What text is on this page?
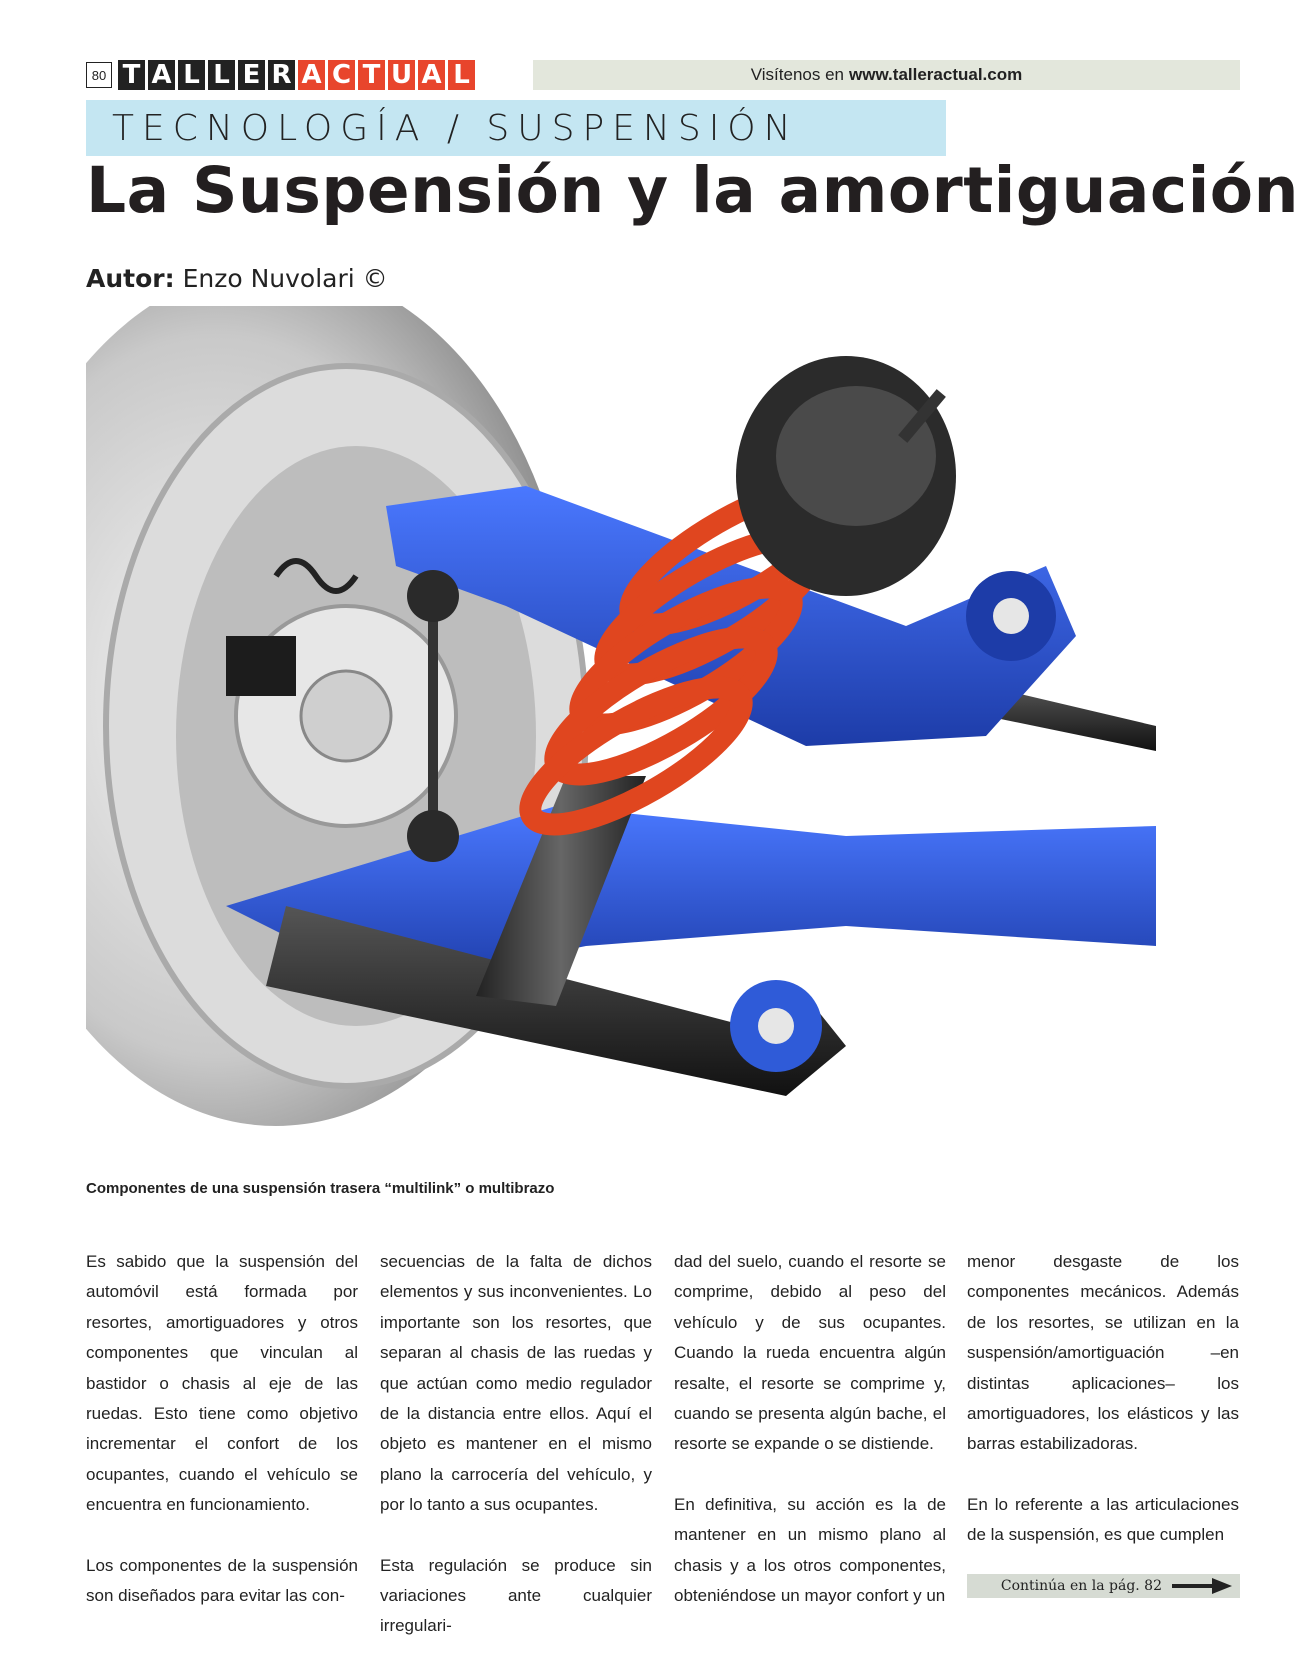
80 T A L L E R A C T U A L	Visítenos en www.talleractual.com
TECNOLOGÍA / SUSPENSIÓN
La Suspensión y la amortiguación
Autor: Enzo Nuvolari ©
Componentes de una suspensión trasera “multilink” o multibrazo

Es sabido que la suspensión del automóvil está formada por resortes, amortiguadores y otros componentes que vinculan al bastidor o chasis al eje de las ruedas. Esto tiene como objetivo incrementar el confort de los ocupantes, cuando el vehículo se encuentra en funcionamiento.

Los componentes de la suspensión son diseñados para evitar las con-

secuencias de la falta de dichos elementos y sus inconvenientes. Lo importante son los resortes, que separan al chasis de las ruedas y que actúan como medio regulador de la distancia entre ellos. Aquí el objeto es mantener en el mismo plano la carrocería del vehículo, y por lo tanto a sus ocupantes.

Esta regulación se produce sin variaciones ante cualquier irregulari-

dad del suelo, cuando el resorte se comprime, debido al peso del vehículo y de sus ocupantes. Cuando la rueda encuentra algún resalte, el resorte se comprime y, cuando se presenta algún bache, el resorte se expande o se distiende.

En definitiva, su acción es la de mantener en un mismo plano al chasis y a los otros componentes, obteniéndose un mayor confort y un

menor desgaste de los componentes mecánicos. Además de los resortes, se utilizan en la suspensión/amortiguación –en distintas aplicaciones– los amortiguadores, los elásticos y las barras estabilizadoras.

En lo referente a las articulaciones de la suspensión, es que cumplen

Continúa en la pág. 82
